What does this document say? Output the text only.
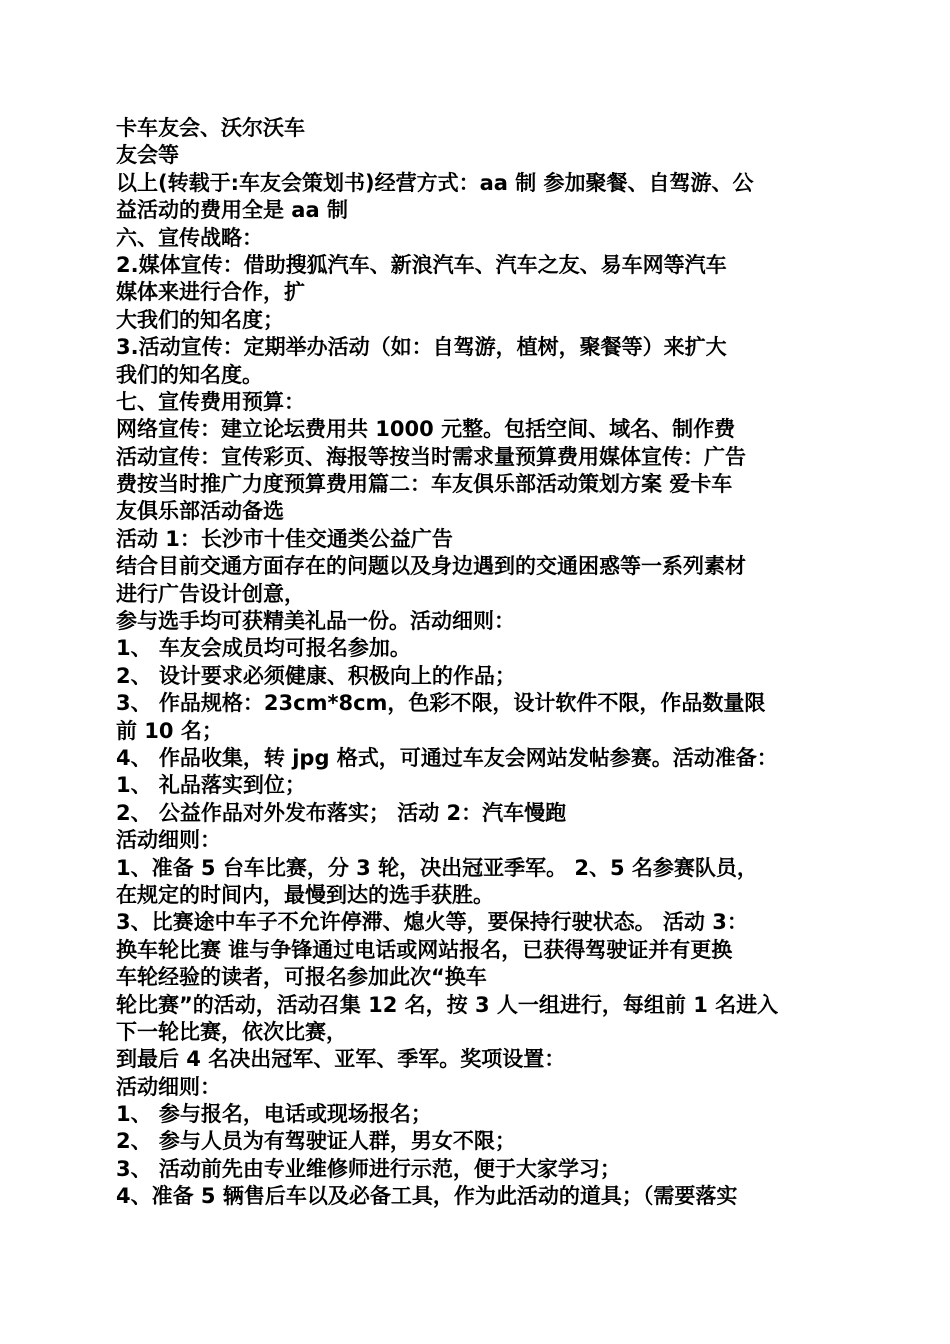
卡车友会、沃尔沃车
友会等
以上(转载于:车友会策划书)经营方式：aa 制 参加聚餐、自驾游、公
益活动的费用全是 aa 制
六、宣传战略：
2.媒体宣传：借助搜狐汽车、新浪汽车、汽车之友、易车网等汽车
媒体来进行合作，扩
大我们的知名度；
3.活动宣传：定期举办活动（如：自驾游，植树，聚餐等）来扩大
我们的知名度。
七、宣传费用预算：
网络宣传：建立论坛费用共 1000 元整。包括空间、域名、制作费
活动宣传：宣传彩页、海报等按当时需求量预算费用媒体宣传：广告
费按当时推广力度预算费用篇二：车友俱乐部活动策划方案 爱卡车
友俱乐部活动备选
活动 1：长沙市十佳交通类公益广告
结合目前交通方面存在的问题以及身边遇到的交通困惑等一系列素材
进行广告设计创意，
参与选手均可获精美礼品一份。活动细则：
1、 车友会成员均可报名参加。
2、 设计要求必须健康、积极向上的作品；
3、 作品规格：23cm*8cm，色彩不限，设计软件不限，作品数量限
前 10 名；
4、 作品收集，转 jpg 格式，可通过车友会网站发帖参赛。活动准备：
1、 礼品落实到位；
2、 公益作品对外发布落实； 活动 2：汽车慢跑
活动细则：
1、准备 5 台车比赛，分 3 轮，决出冠亚季军。 2、5 名参赛队员，
在规定的时间内，最慢到达的选手获胜。
3、比赛途中车子不允许停滞、熄火等，要保持行驶状态。 活动 3：
换车轮比赛 谁与争锋通过电话或网站报名，已获得驾驶证并有更换
车轮经验的读者，可报名参加此次“换车
轮比赛”的活动，活动召集 12 名，按 3 人一组进行，每组前 1 名进入
下一轮比赛，依次比赛，
到最后 4 名决出冠军、亚军、季军。奖项设置：
活动细则：
1、 参与报名，电话或现场报名；
2、 参与人员为有驾驶证人群，男女不限；
3、 活动前先由专业维修师进行示范，便于大家学习；
4、准备 5 辆售后车以及必备工具，作为此活动的道具；（需要落实
